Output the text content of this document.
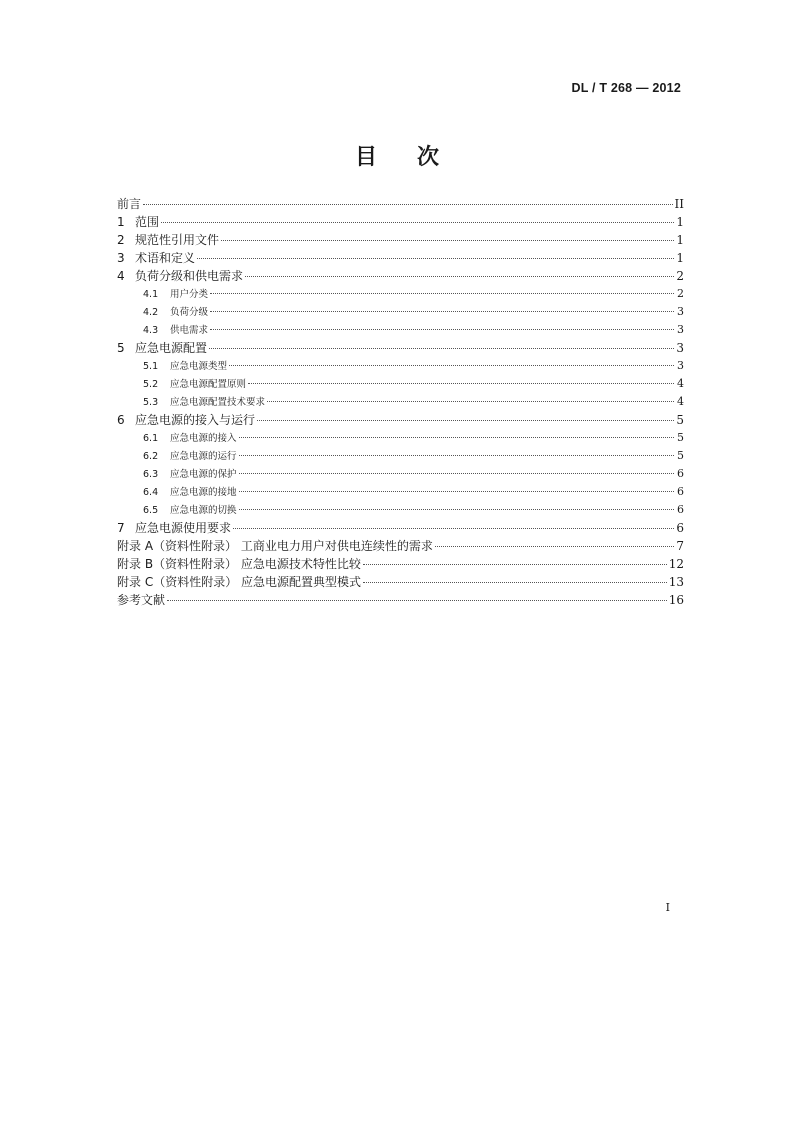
DL / T 268 — 2012
目 次
前言	II
1 范围	1
2 规范性引用文件	1
3 术语和定义	1
4 负荷分级和供电需求	2
4.1	用户分类	2
4.2	负荷分级	3
4.3	供电需求	3
5 应急电源配置	3
5.1	应急电源类型	3
5.2	应急电源配置原则	4
5.3	应急电源配置技术要求	4
6 应急电源的接入与运行	5
6.1	应急电源的接入	5
6.2	应急电源的运行	5
6.3	应急电源的保护	6
6.4	应急电源的接地	6
6.5	应急电源的切换	6
7 应急电源使用要求	6
附录 A（资料性附录） 工商业电力用户对供电连续性的需求	7
附录 B（资料性附录） 应急电源技术特性比较	12
附录 C（资料性附录） 应急电源配置典型模式	13
参考文献	16
I
